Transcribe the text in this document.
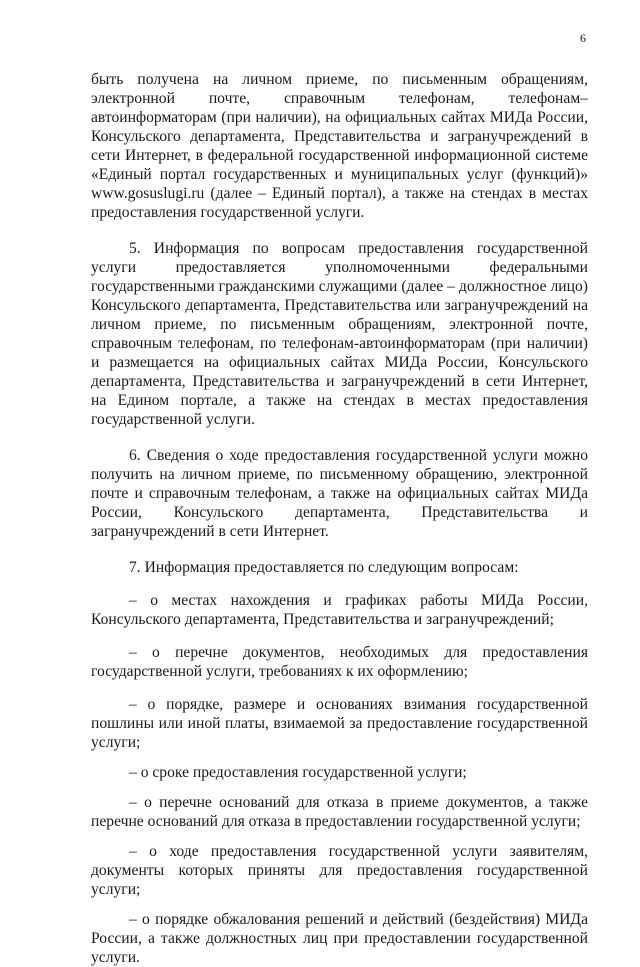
6

быть получена на личном приеме, по письменным обращениям, электронной почте, справочным телефонам, телефонам–автоинформаторам (при наличии), на официальных сайтах МИДа России, Консульского департамента, Представительства и загранучреждений в сети Интернет, в федеральной государственной информационной системе «Единый портал государственных и муниципальных услуг (функций)» www.gosuslugi.ru (далее – Единый портал), а также на стендах в местах предоставления государственной услуги.

5. Информация по вопросам предоставления государственной услуги предоставляется уполномоченными федеральными государственными гражданскими служащими (далее – должностное лицо) Консульского департамента, Представительства или загранучреждений на личном приеме, по письменным обращениям, электронной почте, справочным телефонам, по телефонам-автоинформаторам (при наличии) и размещается на официальных сайтах МИДа России, Консульского департамента, Представительства и загранучреждений в сети Интернет, на Едином портале, а также на стендах в местах предоставления государственной услуги.

6. Сведения о ходе предоставления государственной услуги можно получить на личном приеме, по письменному обращению, электронной почте и справочным телефонам, а также на официальных сайтах МИДа России, Консульского департамента, Представительства и загранучреждений в сети Интернет.

7. Информация предоставляется по следующим вопросам:

– о местах нахождения и графиках работы МИДа России, Консульского департамента, Представительства и загранучреждений;

– о перечне документов, необходимых для предоставления государственной услуги, требованиях к их оформлению;

– о порядке, размере и основаниях взимания государственной пошлины или иной платы, взимаемой за предоставление государственной услуги;

– о сроке предоставления государственной услуги;

– о перечне оснований для отказа в приеме документов, а также перечне оснований для отказа в предоставлении государственной услуги;

– о ходе предоставления государственной услуги заявителям, документы которых приняты для предоставления государственной услуги;

– о порядке обжалования решений и действий (бездействия) МИДа России, а также должностных лиц при предоставлении государственной услуги.
